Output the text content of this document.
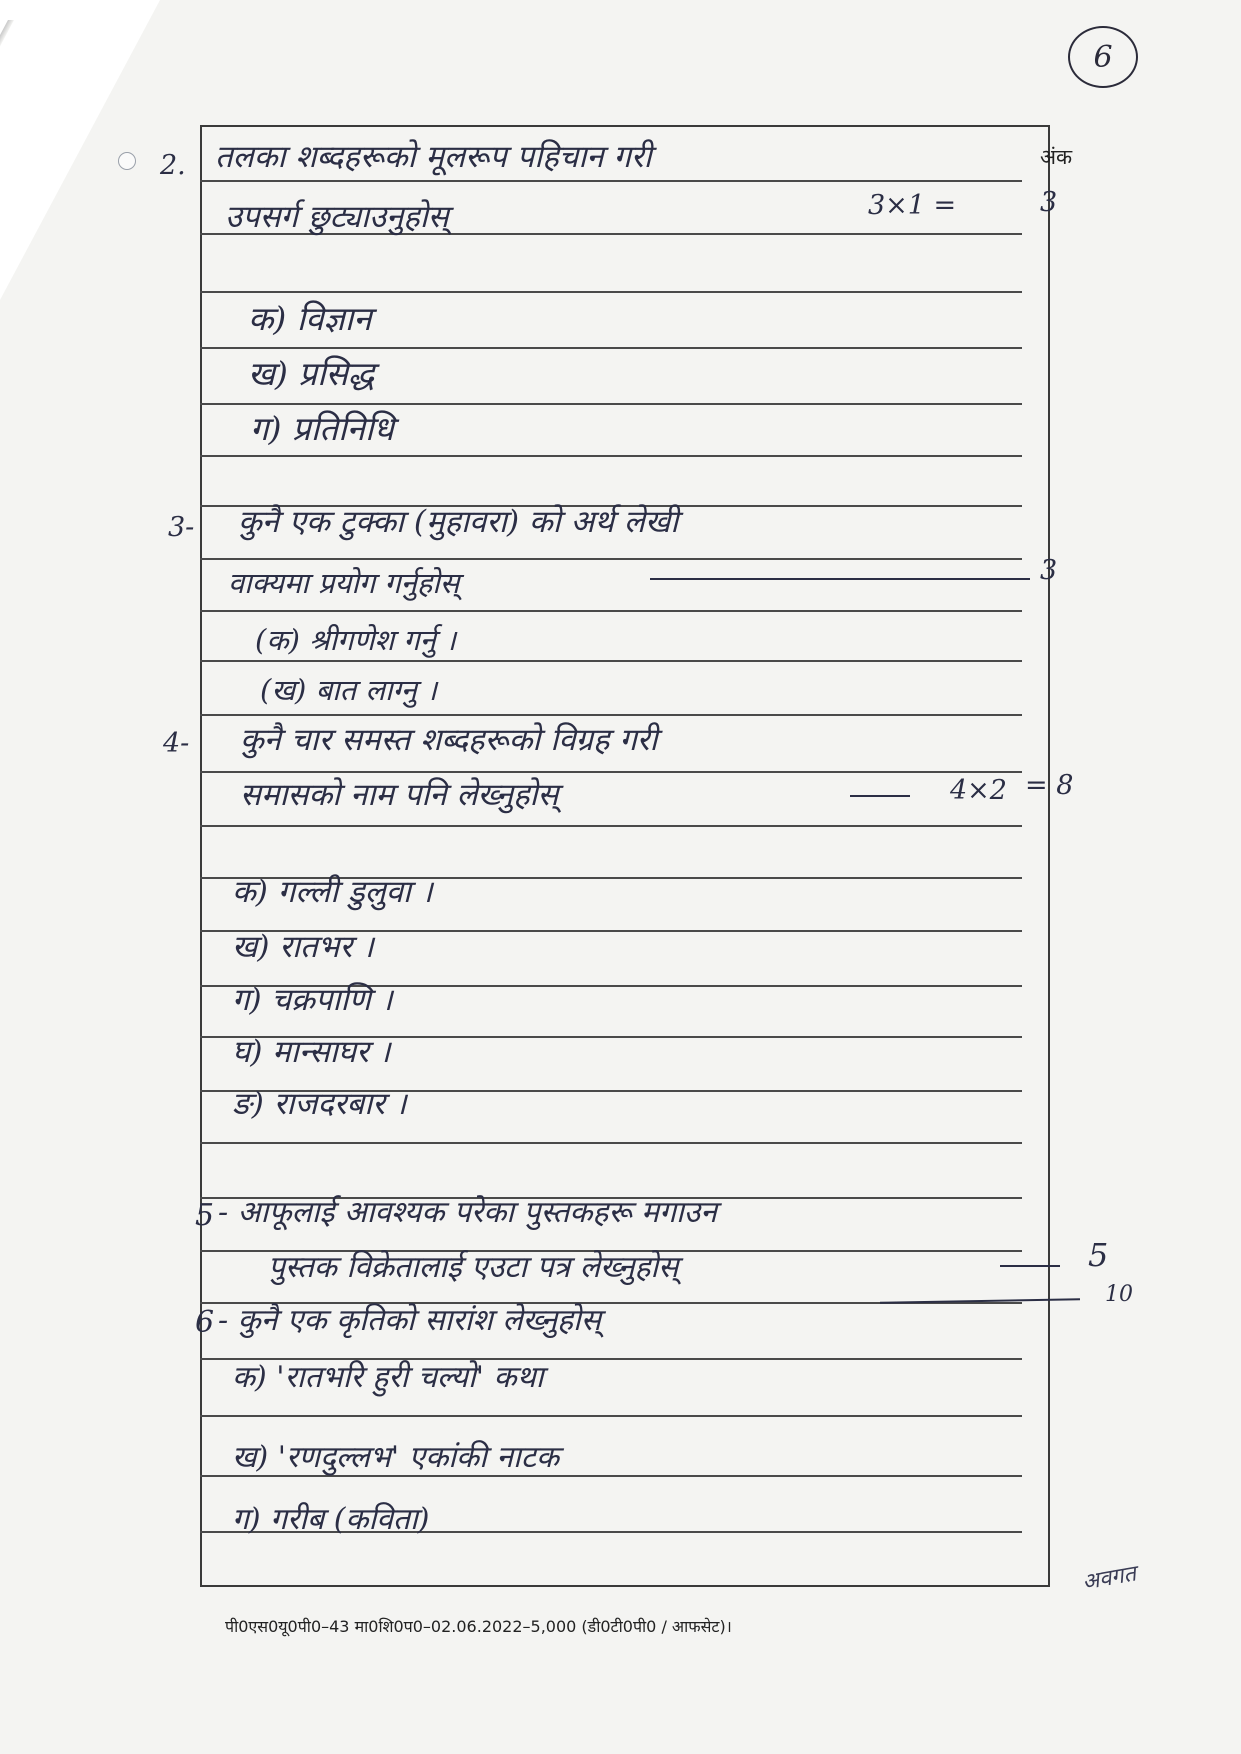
6
अंक
2. तलका शब्दहरूको मूलरूप पहिचान गरी
उपसर्ग छुट्याउनुहोस्	3×1 =	3
क) विज्ञान
ख) प्रसिद्ध
ग) प्रतिनिधि
3- कुनै एक टुक्का (मुहावरा) को अर्थ लेखी
वाक्यमा प्रयोग गर्नुहोस्	3
(क) श्रीगणेश गर्नु ।
(ख) बात लाग्नु ।
4- कुनै चार समस्त शब्दहरूको विग्रह गरी
समासको नाम पनि लेख्नुहोस्	4×2 = 8
क) गल्ली डुलुवा ।
ख) रातभर ।
ग) चक्रपाणि ।
घ) मान्साघर ।
ङ) राजदरबार ।
5 - आफूलाई आवश्यक परेका पुस्तकहरू मगाउन
पुस्तक विक्रेतालाई एउटा पत्र लेख्नुहोस्	5
6 - कुनै एक कृतिको सारांश लेख्नुहोस्
10
क) 'रातभरि हुरी चल्यो' कथा
ख) 'रणदुल्लभ' एकांकी नाटक
ग) गरीब (कविता)
अवगत
पी0एस0यू0पी0–43 मा0शि0प0–02.06.2022–5,000 (डी0टी0पी0 / आफसेट)।
